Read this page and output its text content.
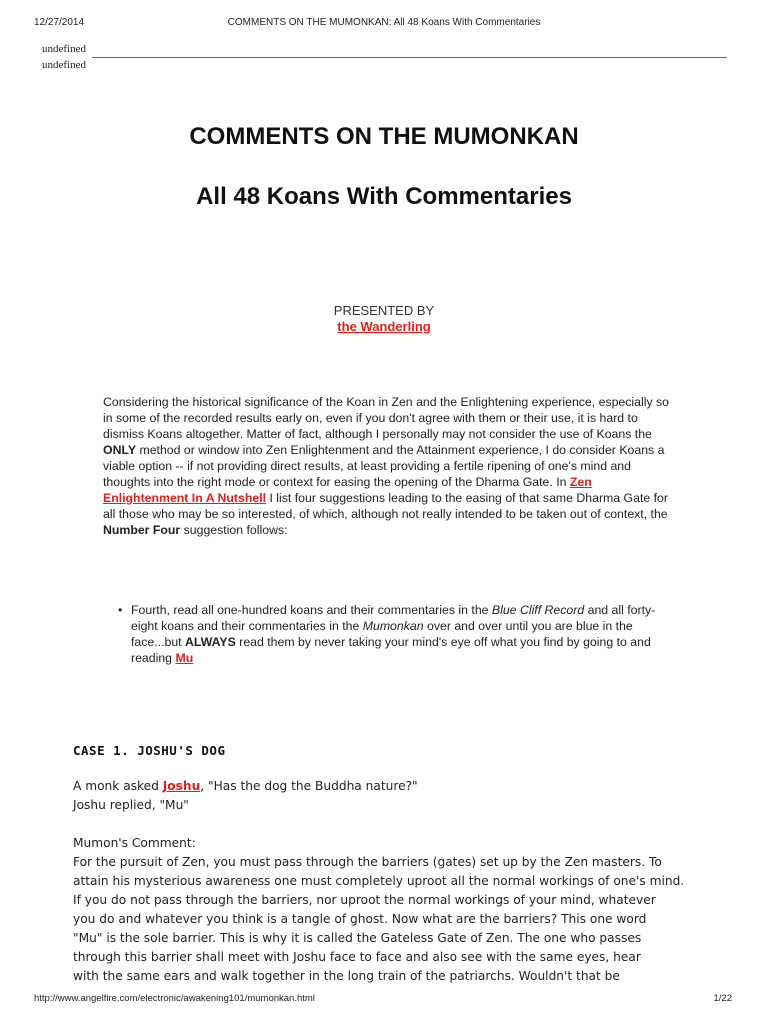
12/27/2014	COMMENTS ON THE MUMONKAN: All 48 Koans With Commentaries
undefined
undefined
COMMENTS ON THE MUMONKAN
All 48 Koans With Commentaries
PRESENTED BY
the Wanderling

Considering the historical significance of the Koan in Zen and the Enlightening experience, especially so in some of the recorded results early on, even if you don't agree with them or their use, it is hard to dismiss Koans altogether. Matter of fact, although I personally may not consider the use of Koans the ONLY method or window into Zen Enlightenment and the Attainment experience, I do consider Koans a viable option -- if not providing direct results, at least providing a fertile ripening of one's mind and thoughts into the right mode or context for easing the opening of the Dharma Gate. In Zen Enlightenment In A Nutshell I list four suggestions leading to the easing of that same Dharma Gate for all those who may be so interested, of which, although not really intended to be taken out of context, the Number Four suggestion follows:

• Fourth, read all one-hundred koans and their commentaries in the Blue Cliff Record and all forty-eight koans and their commentaries in the Mumonkan over and over until you are blue in the face...but ALWAYS read them by never taking your mind's eye off what you find by going to and reading Mu
CASE 1. JOSHU'S DOG

A monk asked Joshu, "Has the dog the Buddha nature?"

Joshu replied, "Mu"

Mumon's Comment:

For the pursuit of Zen, you must pass through the barriers (gates) set up by the Zen masters. To

attain his mysterious awareness one must completely uproot all the normal workings of one's mind.

If you do not pass through the barriers, nor uproot the normal workings of your mind, whatever

you do and whatever you think is a tangle of ghost. Now what are the barriers? This one word

"Mu" is the sole barrier. This is why it is called the Gateless Gate of Zen. The one who passes

through this barrier shall meet with Joshu face to face and also see with the same eyes, hear

with the same ears and walk together in the long train of the patriarchs. Wouldn't that be

http://www.angelfire.com/electronic/awakening101/mumonkan.html	1/22
